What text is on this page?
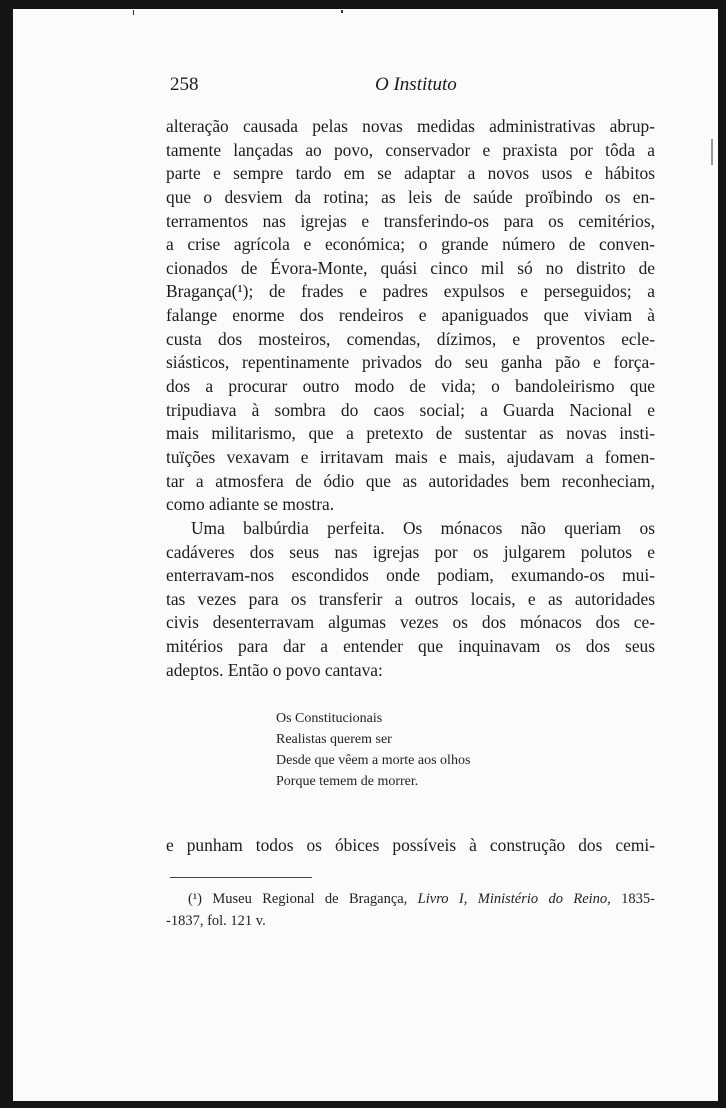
258	O Instituto
alteração causada pelas novas medidas administrativas abrup-
tamente lançadas ao povo, conservador e praxista por tôda a
parte e sempre tardo em se adaptar a novos usos e hábitos
que o desviem da rotina; as leis de saúde proïbindo os en-
terramentos nas igrejas e transferindo-os para os cemitérios,
a crise agrícola e económica; o grande número de conven-
cionados de Évora-Monte, quási cinco mil só no distrito de
Bragança(¹); de frades e padres expulsos e perseguidos; a
falange enorme dos rendeiros e apaniguados que viviam à
custa dos mosteiros, comendas, dízimos, e proventos ecle-
siásticos, repentinamente privados do seu ganha pão e força-
dos a procurar outro modo de vida; o bandoleirismo que
tripudiava à sombra do caos social; a Guarda Nacional e
mais militarismo, que a pretexto de sustentar as novas insti-
tuïções vexavam e irritavam mais e mais, ajudavam a fomen-
tar a atmosfera de ódio que as autoridades bem reconheciam,
como adiante se mostra.
Uma balbúrdia perfeita. Os mónacos não queriam os
cadáveres dos seus nas igrejas por os julgarem polutos e
enterravam-nos escondidos onde podiam, exumando-os mui-
tas vezes para os transferir a outros locais, e as autoridades
civis desenterravam algumas vezes os dos mónacos dos ce-
mitérios para dar a entender que inquinavam os dos seus
adeptos. Então o povo cantava:
Os Constitucionais
Realistas querem ser
Desde que vêem a morte aos olhos
Porque temem de morrer.
e punham todos os óbices possíveis à construção dos cemi-
(¹) Museu Regional de Bragança, Livro I, Ministério do Reino, 1835-
-1837, fol. 121 v.
